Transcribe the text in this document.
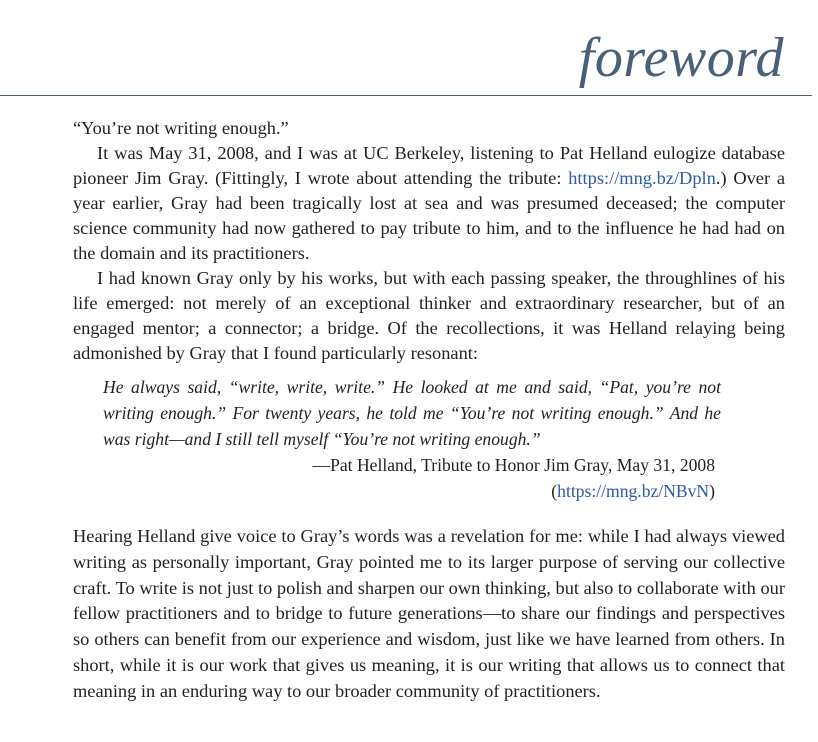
foreword

“You’re not writing enough.”

It was May 31, 2008, and I was at UC Berkeley, listening to Pat Helland eulogize database pioneer Jim Gray. (Fittingly, I wrote about attending the tribute: https://mng.bz/Dpln.) Over a year earlier, Gray had been tragically lost at sea and was presumed deceased; the computer science community had now gathered to pay tribute to him, and to the influence he had had on the domain and its practitioners.

I had known Gray only by his works, but with each passing speaker, the throughlines of his life emerged: not merely of an exceptional thinker and extraordinary researcher, but of an engaged mentor; a connector; a bridge. Of the recollections, it was Helland relaying being admonished by Gray that I found particularly resonant:

He always said, “write, write, write.” He looked at me and said, “Pat, you’re not writing enough.” For twenty years, he told me “You’re not writing enough.” And he was right—and I still tell myself “You’re not writing enough.”

—Pat Helland, Tribute to Honor Jim Gray, May 31, 2008

(https://mng.bz/NBvN)

Hearing Helland give voice to Gray’s words was a revelation for me: while I had always viewed writing as personally important, Gray pointed me to its larger purpose of serving our collective craft. To write is not just to polish and sharpen our own thinking, but also to collaborate with our fellow practitioners and to bridge to future generations—to share our findings and perspectives so others can benefit from our experience and wisdom, just like we have learned from others. In short, while it is our work that gives us meaning, it is our writing that allows us to connect that meaning in an enduring way to our broader community of practitioners.
